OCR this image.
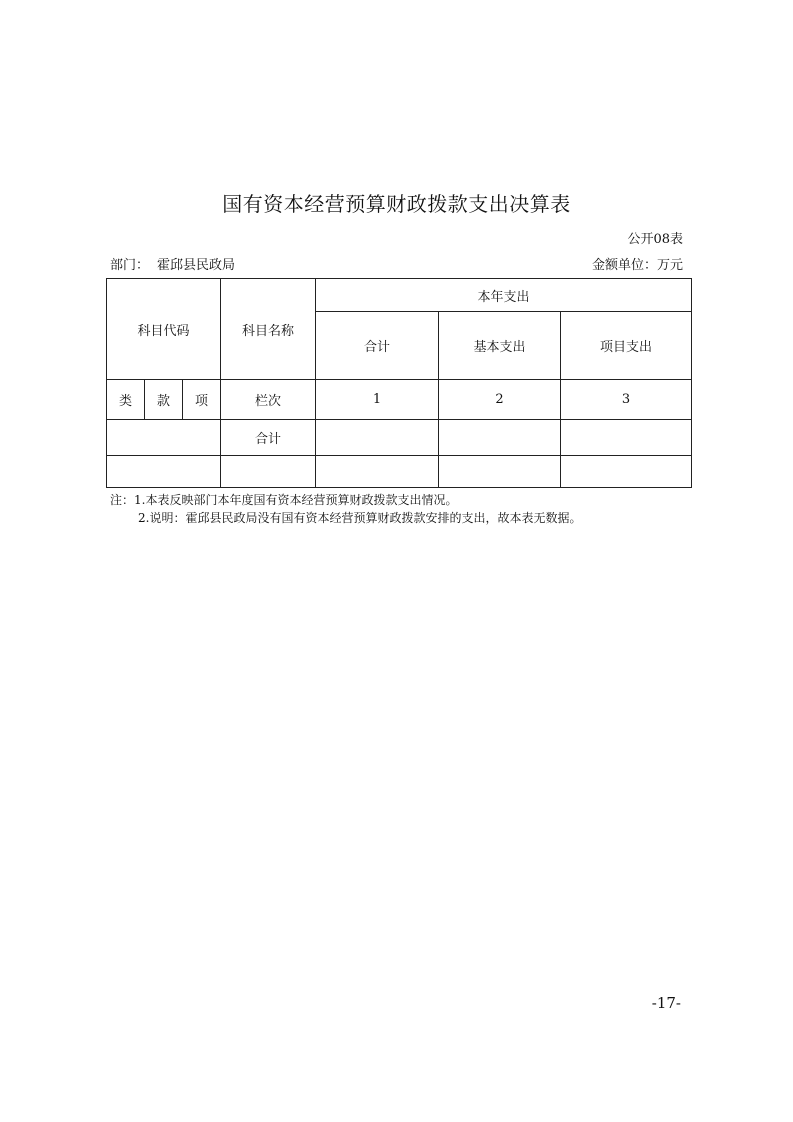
国有资本经营预算财政拨款支出决算表
公开08表
部门： 霍邱县民政局	金额单位：万元
科目代码			科目名称	本年支出		
				合计	基本支出	项目支出
类	款	项	栏次	1	2	3
			合计			

注：1.本表反映部门本年度国有资本经营预算财政拨款支出情况。
2.说明：霍邱县民政局没有国有资本经营预算财政拨款安排的支出，故本表无数据。
-17-
